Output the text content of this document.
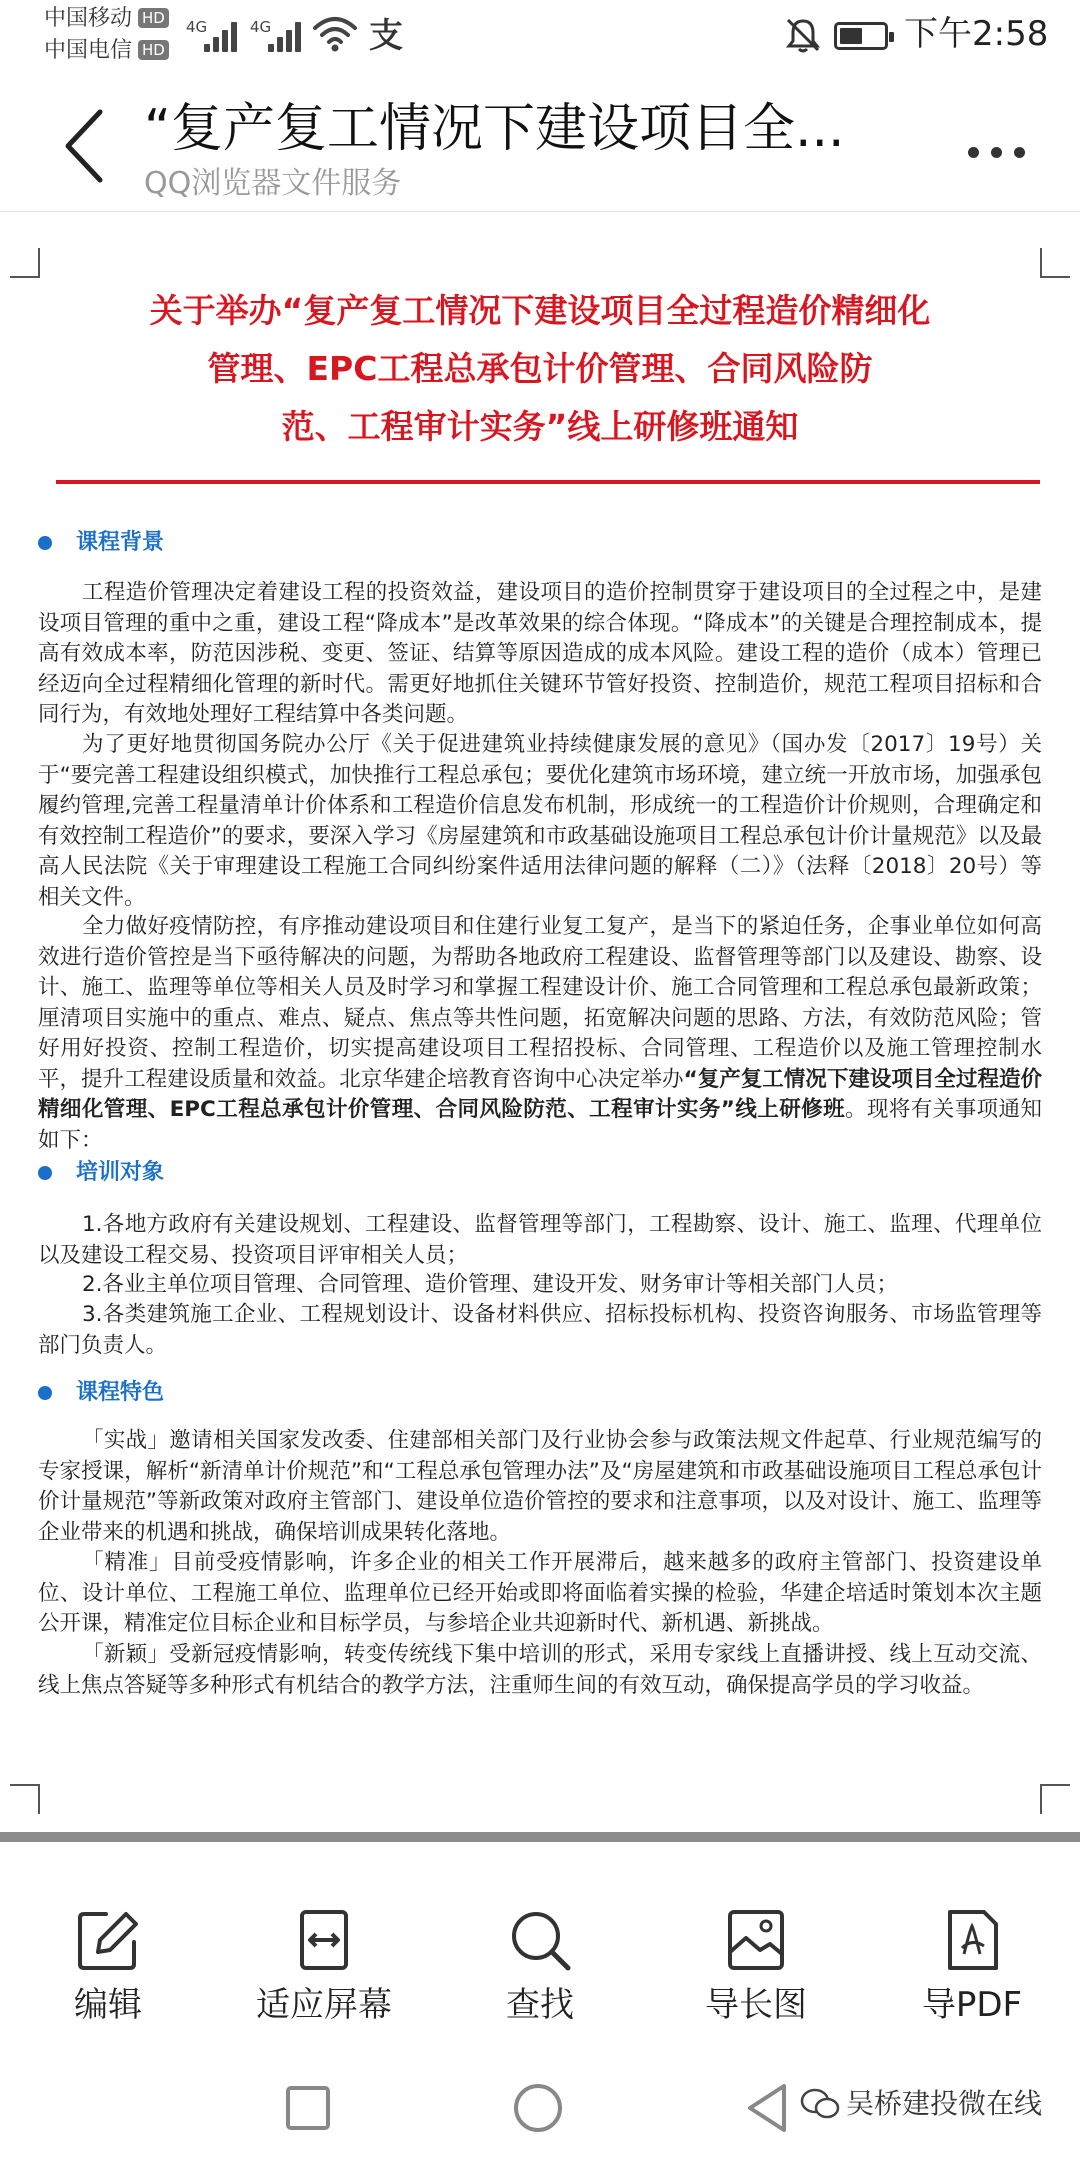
中国移动 HD
中国电信 HD
4G	4G	支	下午2:58
“复产复工情况下建设项目全...
QQ浏览器文件服务
关于举办“复产复工情况下建设项目全过程造价精细化
管理、EPC工程总承包计价管理、合同风险防
范、工程审计实务”线上研修班通知
课程背景
工程造价管理决定着建设工程的投资效益，建设项目的造价控制贯穿于建设项目的全过程之中，是建设项目管理的重中之重，建设工程“降成本”是改革效果的综合体现。“降成本”的关键是合理控制成本，提高有效成本率，防范因涉税、变更、签证、结算等原因造成的成本风险。建设工程的造价（成本）管理已经迈向全过程精细化管理的新时代。需更好地抓住关键环节管好投资、控制造价，规范工程项目招标和合同行为，有效地处理好工程结算中各类问题。
为了更好地贯彻国务院办公厅《关于促进建筑业持续健康发展的意见》（国办发〔2017〕19号）关于“要完善工程建设组织模式，加快推行工程总承包；要优化建筑市场环境，建立统一开放市场，加强承包履约管理,完善工程量清单计价体系和工程造价信息发布机制，形成统一的工程造价计价规则，合理确定和有效控制工程造价”的要求，要深入学习《房屋建筑和市政基础设施项目工程总承包计价计量规范》以及最高人民法院《关于审理建设工程施工合同纠纷案件适用法律问题的解释（二）》（法释〔2018〕20号）等相关文件。
全力做好疫情防控，有序推动建设项目和住建行业复工复产，是当下的紧迫任务，企事业单位如何高效进行造价管控是当下亟待解决的问题，为帮助各地政府工程建设、监督管理等部门以及建设、勘察、设计、施工、监理等单位等相关人员及时学习和掌握工程建设计价、施工合同管理和工程总承包最新政策；厘清项目实施中的重点、难点、疑点、焦点等共性问题，拓宽解决问题的思路、方法，有效防范风险；管好用好投资、控制工程造价，切实提高建设项目工程招投标、合同管理、工程造价以及施工管理控制水平，提升工程建设质量和效益。北京华建企培教育咨询中心决定举办“复产复工情况下建设项目全过程造价精细化管理、EPC工程总承包计价管理、合同风险防范、工程审计实务”线上研修班。现将有关事项通知如下：
培训对象
1.各地方政府有关建设规划、工程建设、监督管理等部门，工程勘察、设计、施工、监理、代理单位以及建设工程交易、投资项目评审相关人员；
2.各业主单位项目管理、合同管理、造价管理、建设开发、财务审计等相关部门人员；
3.各类建筑施工企业、工程规划设计、设备材料供应、招标投标机构、投资咨询服务、市场监管理等部门负责人。
课程特色
「实战」邀请相关国家发改委、住建部相关部门及行业协会参与政策法规文件起草、行业规范编写的专家授课，解析“新清单计价规范”和“工程总承包管理办法”及“房屋建筑和市政基础设施项目工程总承包计价计量规范”等新政策对政府主管部门、建设单位造价管控的要求和注意事项，以及对设计、施工、监理等企业带来的机遇和挑战，确保培训成果转化落地。
「精准」目前受疫情影响，许多企业的相关工作开展滞后，越来越多的政府主管部门、投资建设单位、设计单位、工程施工单位、监理单位已经开始或即将面临着实操的检验，华建企培适时策划本次主题公开课，精准定位目标企业和目标学员，与参培企业共迎新时代、新机遇、新挑战。
「新颖」受新冠疫情影响，转变传统线下集中培训的形式，采用专家线上直播讲授、线上互动交流、线上焦点答疑等多种形式有机结合的教学方法，注重师生间的有效互动，确保提高学员的学习收益。
编辑	适应屏幕	查找	导长图	导PDF
吴桥建投微在线
